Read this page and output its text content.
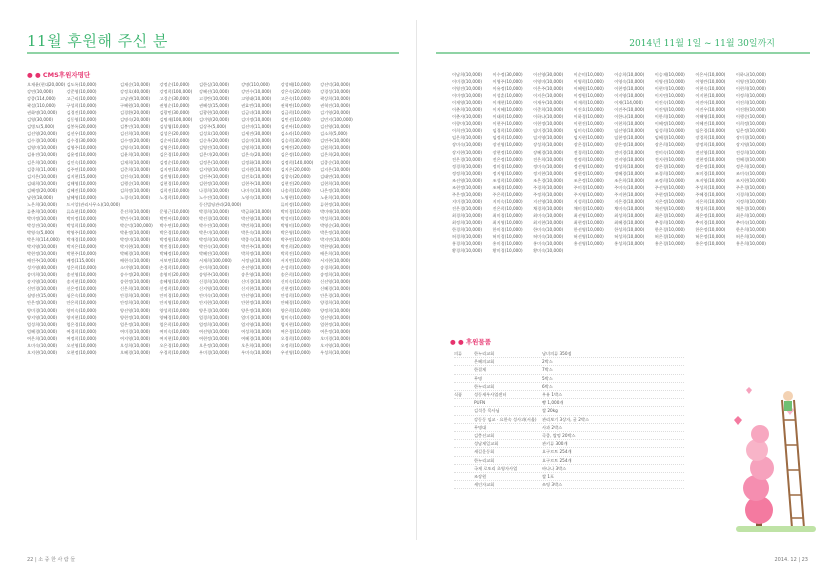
11월 후원해 주신 분
● ● CMS후원자명단
오재윤(현대20,000) 김도록(10,000)	김재순(10,000)	강정순(10,000)	김한실(10,000)	강명(110,000)	강성해(10,000)	강선덕(30,000)
강연(10,000)	강준영(10,000)	강정호(40,000)	강정희(100,000)	강혜선(10,000)	강연수(10,000)	강은숙(20,000)	강경성(10,000)
강종(114,000)	고근리(10,000)	고남관(10,000)	고경순(30,000)	고경란(10,000)	고영태(10,000)	고은숙(10,000)	곽상희(10,000)
곽설(110,000)	구성희(10,000)	구혜원(10,000)	권영순(10,000)	권혜성(15,000)	권효빈(10,000)	권혁만(10,000)	권혁진(10,000)
권화명(10,000)	김경진(10,000)	김경환(20,000)	김광민(30,000)	김광현(10,000)	김금녀(10,000)	김금희(10,000)	김기영(20,000)
김영(30,000)	김동영(10,000)	김명숙(20,000)	김명재(100,000)	김미영(20,000)	김미정(10,000)	김민선(10,000)	김민지(100,000)
김병도(5,000)	김봉록(20,000)	김봉인(10,000)	김상엽(10,000)	김상주(5,000)	김선미(11,000)	김선아(10,000)	김선영(10,000)
김선영(20,000)	김선우(10,000)	김선희(10,000)	김성은(20,000)	김성호(10,000)	김세진(30,000)	김소라(10,000)	김소희(5,000)
김수경(10,000)	김수경(30,000)	김수정(20,000)	김순아(10,000)	김순옥(20,000)	김슬미(10,000)	김승희(30,000)	김연주(10,000)
김영미(10,000)	김영주(10,000)	김영숙(10,000)	김영은(10,000)	김영진(10,000)	김영희(10,000)	김예진(20,000)	김원희(10,000)
김유진(10,000)	김윤정(10,000)	김윤희(10,000)	김은경(10,000)	김은미(20,000)	김은숙(20,000)	김은정(10,000)	김은희(20,000)
김은희(10,000)	김인숙(10,000)	김재희(10,000)	김정순(10,000)	김정은(10,000)	김정화(10,000)	김정희(140,000)	김종순(10,000)
김종희(11,000)	김주연(10,000)	김준희(10,000)	김지연(10,000)	김지영(10,000)	김지원(10,000)	김지은(20,000)	김지은(10,000)
김지은(10,000)	김지현(15,000)	김진숙(10,000)	김진영(10,000)	김진주(10,000)	김진호(10,000)	김창숙(20,000)	김태연(10,000)
김태희(10,000)	김해영(10,000)	김행순(10,000)	김현경(10,000)	김현정(10,000)	김현주(10,000)	김현진(20,000)	김현희(10,000)
김혜정(20,000)	김혜진(10,000)	김희정(10,000)	김희진(10,000)	나경희(10,000)	나미숙(10,000)	나송희(10,000)	나은정(10,000)
남현(18,000)	남혜영(10,000)	노경숙(10,000)	노경희(10,000)	노수진(10,000)	노영숙(10,000)	노영현(10,000)	노윤희(10,000)
노은희(30,000)	드시앙(관리사무소)(10,000)	동신빌딩관리(20,000)	류미정(10,000)	류현정(10,000)
류춘희(10,000)	류효현(10,000)	문선희(10,000)	문형근(10,000)	박경희(10,000)	박금화(10,000)	박미경(10,000)	박미애(10,000)
박미정(10,000)	박미정(10,000)	박민수(10,000)	박민아(10,000)	박선경(10,000)	박선영(10,000)	박성미(10,000)	박성희(10,000)
박성진(10,000)	박성희(10,000)	박순덕(100,000)	박수연(10,000)	박수진(10,000)	박연희(10,000)	박영미(10,000)	박영순(30,000)
박영숙(5,000)	박영주(10,000)	박윤정(10,000)	박은경(10,000)	박은미(10,000)	박은숙(10,000)	박은영(10,000)	박은정(10,000)
박은희(114,000)	박재경(10,000)	박정미(10,000)	박정원(10,000)	박정희(10,000)	박종숙(10,000)	박주연(10,000)	박지연(10,000)
박지영(10,000)	박지은(10,000)	박지현(10,000)	박진경(10,000)	박진숙(10,000)	박진주(10,000)	박진희(20,000)	박찬영(30,000)
박현정(10,000)	박현주(10,000)	박혜경(10,000)	박혜정(10,000)	박혜진(10,000)	박희정(10,000)	박희진(10,000)	배은희(10,000)
배진주(10,000)	배정(115,000)	배현숙(10,000)	서보연(10,000)	서재희(100,000)	서정님(10,000)	서지연(10,000)	서지현(10,000)
성가영(40,000)	성은희(10,000)	소미영(10,000)	손경희(10,000)	손미희(10,000)	손선영(10,000)	손성희(10,000)	송경희(30,000)
송미희(10,000)	송선영(10,000)	송수정(20,000)	송영미(20,000)	송영주(10,000)	송은영(10,000)	송은희(10,000)	송정희(10,000)
송지영(10,000)	송지현(10,000)	송현정(10,000)	송혜영(10,000)	신경희(10,000)	신미경(10,000)	신미숙(10,000)	신선영(10,000)
신연경(10,000)	신은정(10,000)	신은희(10,000)	신정희(10,000)	신지영(10,000)	신지현(10,000)	신현정(10,000)	신혜경(10,000)
심명선(15,000)	심은숙(10,000)	안경희(10,000)	안미경(10,000)	안미숙(10,000)	안선영(10,000)	안성희(10,000)	안은경(10,000)
안은정(10,000)	안은희(10,000)	안정희(10,000)	안지영(10,000)	안지현(10,000)	안현정(10,000)	안혜경(10,000)	양경희(10,000)
양미경(10,000)	양미숙(10,000)	양선영(10,000)	양성희(10,000)	양은경(10,000)	양은정(10,000)	양은희(10,000)	양정희(10,000)
양지영(10,000)	양지현(10,000)	양현정(10,000)	양혜경(10,000)	엄경희(10,000)	엄미경(10,000)	엄미숙(10,000)	엄선영(10,000)
엄성희(10,000)	엄은경(10,000)	엄은정(10,000)	엄은희(10,000)	엄정희(10,000)	엄지영(10,000)	엄지현(10,000)	엄현정(10,000)
엄혜경(10,000)	여경희(10,000)	여미경(10,000)	여미숙(10,000)	여선영(10,000)	여성희(10,000)	여은경(10,000)	여은정(10,000)
여은희(10,000)	여정희(10,000)	여지영(10,000)	여지현(10,000)	여현정(10,000)	여혜경(10,000)	오경희(10,000)	오미경(10,000)
오미숙(10,000)	오선영(10,000)	오성희(10,000)	오은경(10,000)	오은정(10,000)	오은희(10,000)	오정희(10,000)	오지영(10,000)
오지현(10,000)	오현정(10,000)	오혜경(10,000)	우경희(10,000)	우미경(10,000)	우미숙(10,000)	우선영(10,000)	우성희(10,000)
22 | 소 중 한 사 람 들
2014년 11월 1일 ~ 11월 30일까지
이남희(10,000)	이수정(30,000)	이선영(30,000)	이순미(10,000)	이승희(10,000)	이승재(10,000)	이은서(10,000)	이하나(10,000)
이미경(10,000)	이영주(10,000)	이영미(10,000)	이영희(10,000)	이영숙(10,000)	이영선(10,000)	이영란(10,000)	이영진(10,000)
이영진(10,000)	이유정(10,000)	이은주(10,000)	이혜원(10,000)	이현정(10,000)	이현미(10,000)	이현숙(10,000)	이현희(10,000)
이미정(10,000)	이성훈(10,000)	이지은(10,000)	이정원(10,000)	이지영(10,000)	이지연(10,000)	이지현(10,000)	이정희(10,000)
이재영(10,000)	이재현(10,000)	이재우(10,000)	이재희(10,000)	이재(114,000)	이진숙(10,000)	이진아(10,000)	이진희(10,000)
이춘희(10,000)	이지혜(10,000)	이준희(10,000)	이진호(10,000)	이진주(10,000)	이진영(10,000)	이진우(10,000)	이진환(10,000)
이춘자(10,000)	이태희(10,000)	이하나(10,000)	이하경(10,000)	이한나(10,000)	이한희(10,000)	이해영(10,000)	이행순(10,000)
이향미(10,000)	이현주(10,000)	이현정(10,000)	이현진(10,000)	이현희(10,000)	이혜정(10,000)	이혜진(10,000)	이희정(10,000)
이희진(10,000)	임경희(10,000)	임미경(10,000)	임미숙(10,000)	임선영(10,000)	임성희(10,000)	임은경(10,000)	임은정(10,000)
임은희(10,000)	임정희(10,000)	임지영(10,000)	임지현(10,000)	임현정(10,000)	임혜경(10,000)	장경희(10,000)	장미경(10,000)
장미숙(10,000)	장선영(10,000)	장성희(10,000)	장은경(10,000)	장은정(10,000)	장은희(10,000)	장정희(10,000)	장지영(10,000)
장지현(10,000)	장현정(10,000)	장혜경(10,000)	전경희(10,000)	전미경(10,000)	전미숙(10,000)	전선영(10,000)	전성희(10,000)
전은경(10,000)	전은정(10,000)	전은희(10,000)	전정희(10,000)	전지영(10,000)	전지현(10,000)	전현정(10,000)	전혜경(10,000)
정경희(10,000)	정미경(10,000)	정미숙(10,000)	정선영(10,000)	정성희(10,000)	정은경(10,000)	정은정(10,000)	정은희(10,000)
정정희(10,000)	정지영(10,000)	정지현(10,000)	정현정(10,000)	정혜경(10,000)	조경희(10,000)	조미경(10,000)	조미숙(10,000)
조선영(10,000)	조성희(10,000)	조은경(10,000)	조은정(10,000)	조은희(10,000)	조정희(10,000)	조지영(10,000)	조지현(10,000)
조현정(10,000)	조혜경(10,000)	주경희(10,000)	주미경(10,000)	주미숙(10,000)	주선영(10,000)	주성희(10,000)	주은경(10,000)
주은정(10,000)	주은희(10,000)	주정희(10,000)	주지영(10,000)	주지현(10,000)	주현정(10,000)	주혜경(10,000)	지경희(10,000)
지미경(10,000)	지미숙(10,000)	지선영(10,000)	지성희(10,000)	지은경(10,000)	지은정(10,000)	지은희(10,000)	지정희(10,000)
진은경(10,000)	진은희(10,000)	채경희(10,000)	채미경(10,000)	채미숙(10,000)	채선영(10,000)	채성희(10,000)	채은경(10,000)
최경희(10,000)	최미경(10,000)	최미숙(10,000)	최선영(10,000)	최성희(10,000)	최은경(10,000)	최은정(10,000)	최은희(10,000)
최정희(10,000)	최지영(10,000)	최지현(10,000)	최현정(10,000)	최혜경(10,000)	추경희(10,000)	추미경(10,000)	추미숙(10,000)
한경희(10,000)	한미경(10,000)	한미숙(10,000)	한선영(10,000)	한성희(10,000)	한은경(10,000)	한은정(10,000)	한은희(10,000)
허경희(10,000)	허미경(10,000)	허미숙(10,000)	허선영(10,000)	허성희(10,000)	허은경(10,000)	허은정(10,000)	허은희(10,000)
홍경희(10,000)	홍미경(10,000)	홍미숙(10,000)	홍선영(10,000)	홍성희(10,000)	홍은경(10,000)	홍은정(10,000)	홍은희(10,000)
황경희(10,000)	황미경(10,000)	황미숙(10,000)
● ● 후원물품
의류	한누리교회	남녀의류 350점
은혜의교회	2박스
한결제	7박스
무명	5박스
한누리교회	6박스
식품	성동새우사업센터	우유 1박스
PUFN	빵 1,000개
김석웅 목사님	쌀 20kg
강동동 임교 · 요한속 성사과(서울)	관리보기 3상자, 굴 2박스
무명대	사과 2박스
김충선교회	곡종, 쌀엉 20박스
성남제일교회	관키류 300개
새길운동회	요구르트 254개
한누리교회	요구르트 254개
국제 로또리 초영자사업	바나나 3박스
조장원	쌀 1포
세인자교회	쓰팅 3박스
2014. 12 | 23
